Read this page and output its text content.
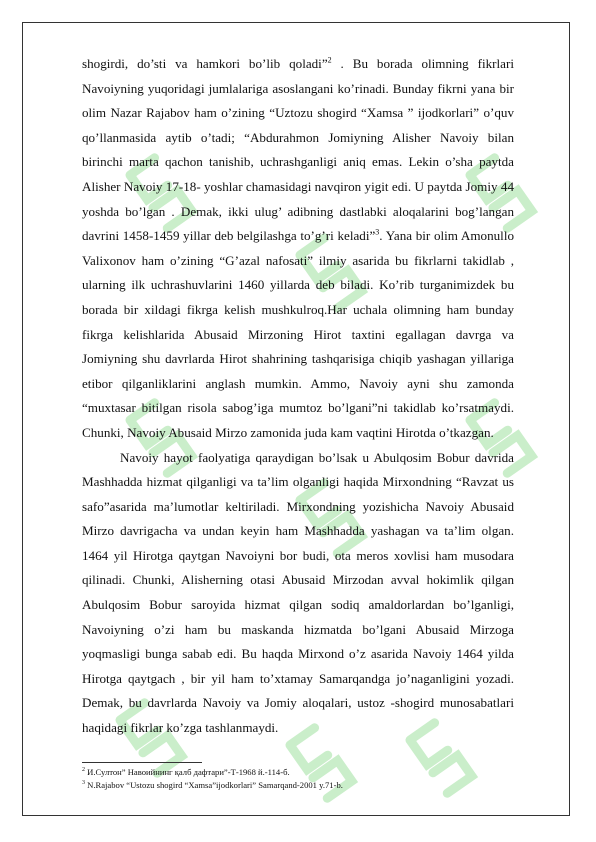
shogirdi, do’sti va hamkori bo’lib qoladi”$^2$ . Bu borada olimning fikrlari Navoiyning yuqoridagi jumlalariga asoslangani ko’rinadi. Bunday fikrni yana bir olim Nazar Rajabov ham o’zining “Uztozu shogird “Xamsa ” ijodkorlari” o’quv qo’llanmasida aytib o’tadi; “Abdurahmon Jomiyning Alisher Navoiy bilan birinchi marta qachon tanishib, uchrashganligi aniq emas. Lekin o’sha paytda Alisher Navoiy 17-18- yoshlar chamasidagi navqiron yigit edi. U paytda Jomiy 44 yoshda bo’lgan . Demak, ikki ulug’ adibning dastlabki aloqalarini bog’langan davrini 1458-1459 yillar deb belgilashga to’g’ri keladi”$^3$. Yana bir olim Amonullo Valixonov ham o’zining “G’azal nafosati” ilmiy asarida bu fikrlarni takidlab , ularning ilk uchrashuvlarini 1460 yillarda deb biladi. Ko’rib turganimizdek bu borada bir xildagi fikrga kelish mushkulroq.Har uchala olimning ham bunday fikrga kelishlarida Abusaid Mirzoning Hirot taxtini egallagan davrga va Jomiyning shu davrlarda Hirot shahrining tashqarisiga chiqib yashagan yillariga etibor qilganliklarini anglash mumkin. Ammo, Navoiy ayni shu zamonda “muxtasar bitilgan risola sabog’iga mumtoz bo’lgani”ni takidlab ko’rsatmaydi. Chunki, Navoiy Abusaid Mirzo zamonida juda kam vaqtini Hirotda o’tkazgan.

Navoiy hayot faolyatiga qaraydigan bo’lsak u Abulqosim Bobur davrida Mashhadda hizmat qilganligi va ta’lim olganligi haqida Mirxondning “Ravzat us safo”asarida ma’lumotlar keltiriladi. Mirxondning yozishicha Navoiy Abusaid Mirzo davrigacha va undan keyin ham Mashhadda yashagan va ta’lim olgan. 1464 yil Hirotga qaytgan Navoiyni bor budi, ota meros xovlisi ham musodara qilinadi. Chunki, Alisherning otasi Abusaid Mirzodan avval hokimlik qilgan Abulqosim Bobur saroyida hizmat qilgan sodiq amaldorlardan bo’lganligi, Navoiyning o’zi ham bu maskanda hizmatda bo’lgani Abusaid Mirzoga yoqmasligi bunga sabab edi. Bu haqda Mirxond o’z asarida Navoiy 1464 yilda Hirotga qaytgach , bir yil ham to’xtamay Samarqandga jo’naganligini yozadi. Demak, bu davrlarda Navoiy va Jomiy aloqalari, ustoz -shogird munosabatlari haqidagi fikrlar ko’zga tashlanmaydi.

$^2$ И.Султон” Навоийнинг қалб дафтари”-Т-1968 й.-114-б.
$^3$ N.Rajabov “Ustozu shogird “Xamsa”ijodkorlari” Samarqand-2001 y.71-b.
